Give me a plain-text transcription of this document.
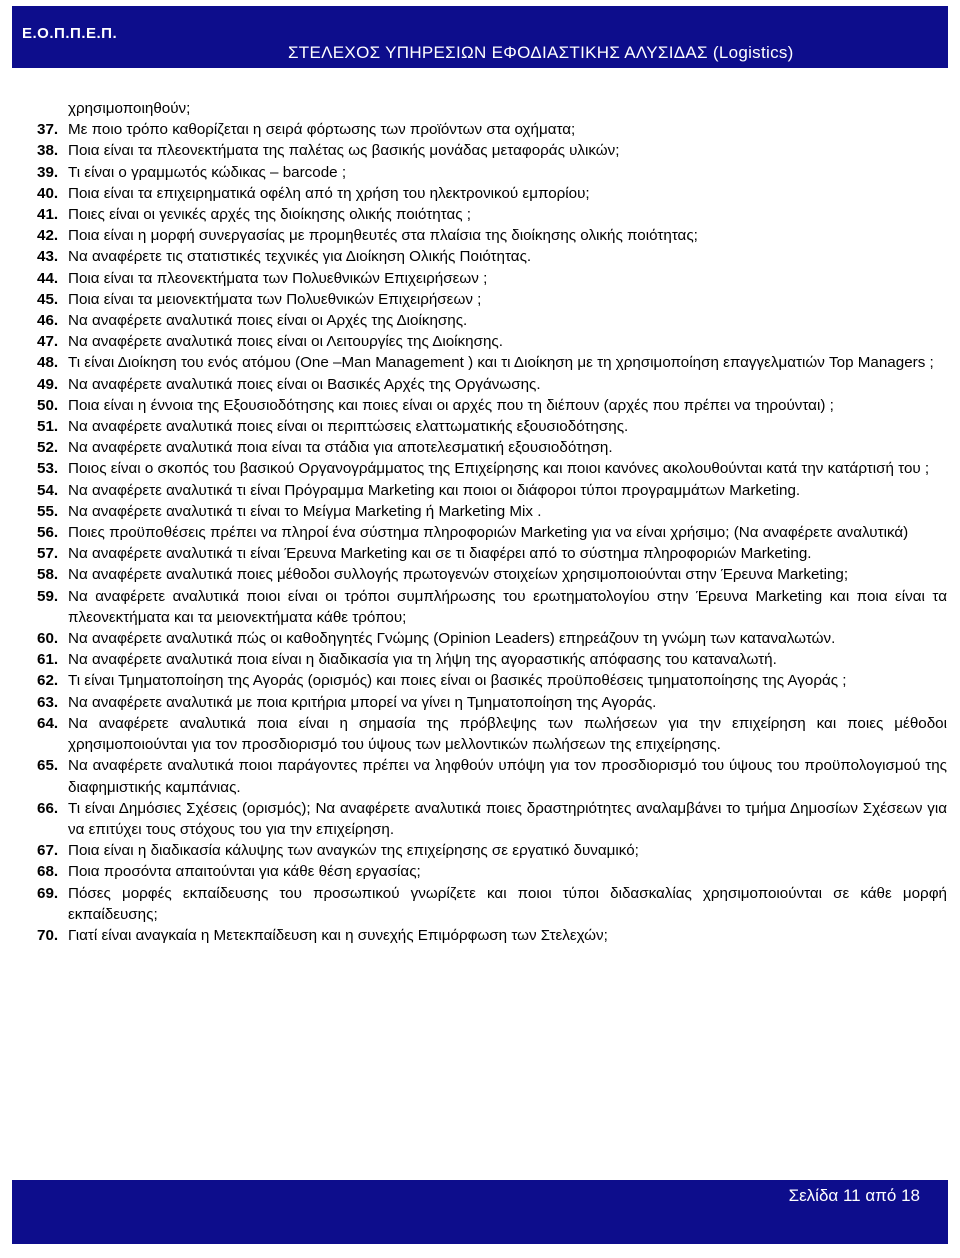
Ε.Ο.Π.Π.Ε.Π.
ΣΤΕΛΕΧΟΣ ΥΠΗΡΕΣΙΩΝ ΕΦΟΔΙΑΣΤΙΚΗΣ ΑΛΥΣΙΔΑΣ (Logistics)
χρησιμοποιηθούν;
37. Με ποιο τρόπο καθορίζεται η σειρά φόρτωσης των προϊόντων στα οχήματα;
38. Ποια είναι τα πλεονεκτήματα της παλέτας ως βασικής μονάδας μεταφοράς υλικών;
39. Τι είναι ο γραμμωτός κώδικας – barcode ;
40. Ποια είναι τα επιχειρηματικά οφέλη από τη χρήση του ηλεκτρονικού εμπορίου;
41. Ποιες είναι οι γενικές αρχές της διοίκησης ολικής ποιότητας ;
42. Ποια είναι η μορφή συνεργασίας με προμηθευτές στα πλαίσια της διοίκησης ολικής ποιότητας;
43. Να αναφέρετε τις στατιστικές τεχνικές για Διοίκηση Ολικής Ποιότητας.
44. Ποια είναι τα πλεονεκτήματα των Πολυεθνικών Επιχειρήσεων ;
45. Ποια είναι τα μειονεκτήματα των Πολυεθνικών Επιχειρήσεων ;
46. Να αναφέρετε αναλυτικά ποιες είναι οι Αρχές της Διοίκησης.
47. Να αναφέρετε αναλυτικά ποιες είναι οι Λειτουργίες της Διοίκησης.
48. Τι είναι Διοίκηση του ενός ατόμου (One –Man Management ) και τι Διοίκηση με τη χρησιμοποίηση επαγγελματιών Top Managers ;
49. Να αναφέρετε αναλυτικά ποιες είναι οι Βασικές Αρχές της Οργάνωσης.
50. Ποια είναι η έννοια της Εξουσιοδότησης και ποιες είναι οι αρχές που τη διέπουν (αρχές που πρέπει να τηρούνται) ;
51. Να αναφέρετε αναλυτικά ποιες είναι οι περιπτώσεις ελαττωματικής εξουσιοδότησης.
52. Να αναφέρετε αναλυτικά ποια είναι τα στάδια για αποτελεσματική εξουσιοδότηση.
53. Ποιος είναι ο σκοπός του βασικού Οργανογράμματος της Επιχείρησης και ποιοι κανόνες ακολουθούνται κατά την κατάρτισή του ;
54. Να αναφέρετε αναλυτικά τι είναι Πρόγραμμα Marketing και ποιοι οι διάφοροι τύποι προγραμμάτων Marketing.
55. Να αναφέρετε αναλυτικά τι είναι το Μείγμα Marketing ή Marketing Mix .
56. Ποιες προϋποθέσεις πρέπει να πληροί ένα σύστημα πληροφοριών Marketing για να είναι χρήσιμο; (Να αναφέρετε αναλυτικά)
57. Να αναφέρετε αναλυτικά τι είναι Έρευνα Marketing και σε τι διαφέρει από το σύστημα πληροφοριών Marketing.
58. Να αναφέρετε αναλυτικά ποιες μέθοδοι συλλογής πρωτογενών στοιχείων χρησιμοποιούνται στην Έρευνα Marketing;
59. Να αναφέρετε αναλυτικά ποιοι είναι οι τρόποι συμπλήρωσης του ερωτηματολογίου στην Έρευνα Marketing και ποια είναι τα πλεονεκτήματα και τα μειονεκτήματα κάθε τρόπου;
60. Να αναφέρετε αναλυτικά πώς οι καθοδηγητές Γνώμης (Opinion Leaders) επηρεάζουν τη γνώμη των καταναλωτών.
61. Να αναφέρετε αναλυτικά ποια είναι η διαδικασία για τη λήψη της αγοραστικής απόφασης του καταναλωτή.
62. Τι είναι Τμηματοποίηση της Αγοράς (ορισμός) και ποιες είναι οι βασικές προϋποθέσεις τμηματοποίησης της Αγοράς ;
63. Να αναφέρετε αναλυτικά με ποια κριτήρια μπορεί να γίνει η Τμηματοποίηση της Αγοράς.
64. Να αναφέρετε αναλυτικά ποια είναι η σημασία της πρόβλεψης των πωλήσεων για την επιχείρηση και ποιες μέθοδοι χρησιμοποιούνται για τον προσδιορισμό του ύψους των μελλοντικών πωλήσεων της επιχείρησης.
65. Να αναφέρετε αναλυτικά ποιοι παράγοντες πρέπει να ληφθούν υπόψη για τον προσδιορισμό του ύψους του προϋπολογισμού της διαφημιστικής καμπάνιας.
66. Τι είναι Δημόσιες Σχέσεις (ορισμός); Να αναφέρετε αναλυτικά ποιες δραστηριότητες αναλαμβάνει το τμήμα Δημοσίων Σχέσεων για να επιτύχει τους στόχους του για την επιχείρηση.
67. Ποια είναι η διαδικασία κάλυψης των αναγκών της επιχείρησης σε εργατικό δυναμικό;
68. Ποια προσόντα απαιτούνται για κάθε θέση εργασίας;
69. Πόσες μορφές εκπαίδευσης του προσωπικού γνωρίζετε και ποιοι τύποι διδασκαλίας χρησιμοποιούνται σε κάθε μορφή εκπαίδευσης;
70. Γιατί είναι αναγκαία η Μετεκπαίδευση και η συνεχής Επιμόρφωση των Στελεχών;
Σελίδα 11 από 18
